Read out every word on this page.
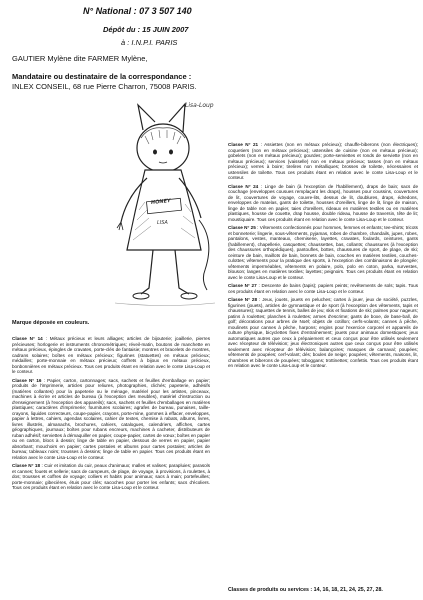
N° National : 07 3 507 140
Dépôt du : 15 JUIN 2007
à : I.N.P.I. PARIS
GAUTIER Mylène dite FARMER Mylène,
Mandataire ou destinataire de la correspondance :
INLEX CONSEIL, 68 rue Pierre Charron, 75008 PARIS.
Lisa-Loup
HONEY
LISA
Marque déposée en couleurs.

Classe N° 14 : Métaux précieux et leurs alliages; articles de bijouterie; joaillerie, pierres précieuses; horlogerie et instruments chronométriques; réveil-matin, boutons de manchette en métaux précieux, épingles de cravates, porte-clés de fantaisie; montres et bracelets de montres, cadrans solaires; boîtes en métaux précieux; figurines (statuettes) en métaux précieux; médailles; porte-monnaie en métaux précieux; coffrets à bijoux en métaux précieux, bonbonnières en métaux précieux. Tous ces produits étant en relation avec le conte Lisa-Loup et le conteur.

Classe N° 16 : Papier, carton, cartonnages; sacs, sachets et feuilles d'emballage en papier; produits de l'imprimerie, articles pour reliures, photographies, clichés; papeterie, adhésifs (matières collantes) pour la papeterie ou le ménage, matériel pour les artistes, pinceaux, machines à écrire et articles de bureau (à l'exception des meubles), matériel d'instruction ou d'enseignement (à l'exception des appareils); sacs, sachets et feuilles d'emballages en matières plastiques; caractères d'imprimerie; fournitures scolaires; agrafes de bureau, punaises, taille-crayons, liquides correcteurs, coupe-papier, crayons, porte-mine, gommes à effacer, enveloppes, papier à lettres, cahiers, agendas scolaires, cahier de textes, chemise à rabats, albums, livres, livres illustrés, almanachs, brochures, cahiers, catalogues, calendriers, affiches, cartes géographiques, journaux; boîtes pour rubans encreurs, machines à cacheter, distributeurs de ruban adhésif; serviettes à démaquiller en papier, coupe-papier, cartes de vœux; boîtes en papier ou en carton, blocs à dessin; linge de table en papier, dessous de verres en papier, papier absorbant; mouchoirs en papier; cartes postales et albums pour cartes postales; articles de bureau; tableaux noirs; trousses à dessins; linge de table en papier. Tous ces produits étant en relation avec le conte Lisa-Loup et le conteur.

Classe N° 18 : Cuir et imitation du cuir, peaux d'animaux; malles et valises; parapluies; parasols et cannes; fouets et sellerie; sacs de campeurs, de plage, de voyage, à provisions, à roulettes, à dos; trousses et coffres de voyage; colliers et habits pour animaux; sacs à main; portefeuilles; porte-monnaie; gibecières, étuis pour clés; sacoches pour porter les enfants; sacs d'écoliers. Tous ces produits étant en relation avec le conte Lisa-Loup et le conteur.

Classe N° 21 : Assiettes (non en métaux précieux); chauffe-biberons (non électriques); coquetiers (non en métaux précieux); ustensiles de cuisine (non en métaux précieux); gobelets (non en métaux précieux); gourdes; porte-serviettes et ronds de serviette (non en métaux précieux); services (vaisselle) non en métaux précieux; tasses (non en métaux précieux); verres à boire; tirelires non métalliques; brosses de toilette, nécessaires et ustensiles de toilette. Tous ces produits étant en relation avec le conte Lisa-Loup et le conteur.

Classe N° 24 : Linge de bain (à l'exception de l'habillement), draps de bain; sacs de couchage (enveloppes cousues remplaçant les draps), housses pour coussins, couvertures de lit, couvertures de voyage, couvre-lits, dessus de lit, doublures, draps, édredons, enveloppes de matelas, gants de toilette, housses d'oreillers, linge de lit, linge de maison, linge de table non en papier, taies d'oreillers, rideaux en matières textiles ou en matières plastiques, housse de couette, drap housse, double rideau, housse de traversin, tête de lit; moustiquaire. Tous ces produits étant en relation avec le conte Lisa-Loup et le conteur.

Classe N° 25 : Vêtements confectionnés pour hommes, femmes et enfants; tee-shirts; tricots et bonneterie; lingerie, sous-vêtements, pyjamas, robes de chambre, chandails, jupes, robes, pantalons, vestes, manteaux, chemiserie, layettes, cravates, foulards, ceintures, gants (habillement), chapellerie, casquettes; chaussettes, bas, collants; chaussures (à l'exception des chaussures orthopédiques), pantoufles, bottes, chaussures de sport, de plage, de ski; ceinture de bain, maillots de bain, bonnets de bain, couches en matières textiles, couches-culottes; vêtements pour la pratique des sports, à l'exception des combinaisons de plongée; vêtements imperméables, vêtements en polaire, polo, polo en coton, parka, survestes, blouson; langes en matières textiles; layettes; peignoirs. Tous ces produits étant en relation avec le conte Lisa-Loup et le conteur.

Classe N° 27 : Descente de bains (tapis); papiers peints; revêtements de sols; tapis. Tous ces produits étant en relation avec le conte Lisa-Loup et le conteur.

Classe N° 28 : Jeux, jouets, jouets en peluches; cartes à jouer, jeux de société, puzzles, figurines (jouets), articles de gymnastique et de sport (à l'exception des vêtements, tapis et chaussures); raquettes de tennis, balles de jeu; skis et fixations de ski; palmes pour nageurs; patins à roulettes; planches à roulettes; armes d'escrime; gants de boxe, de base-ball, de golf; décorations pour arbres de Noël; objets de cotillon; cerfs-volants; cannes à pêche, moulinets pour cannes à pêche, harpons; engins pour l'exercice corporel et appareils de culture physique, bicyclettes fixes d'entraînement; jouets pour animaux domestiques; jeux automatiques autres que ceux à prépaiement et ceux conçus pour être utilisés seulement avec récepteur de télévision; jeux électroniques autres que ceux conçus pour être utilisés seulement avec récepteur de télévision; balançoires; masques de carnaval; poupées; vêtements de poupées; cerf-volant; dés; boules de neige; poupées; vêtements, maisons, lit, chambres et biberons de poupées; toboggans; trottinettes; confettis. Tous ces produits étant en relation avec le conte Lisa-Loup et le conteur.

Classes de produits ou services : 14, 16, 18, 21, 24, 25, 27, 28.
